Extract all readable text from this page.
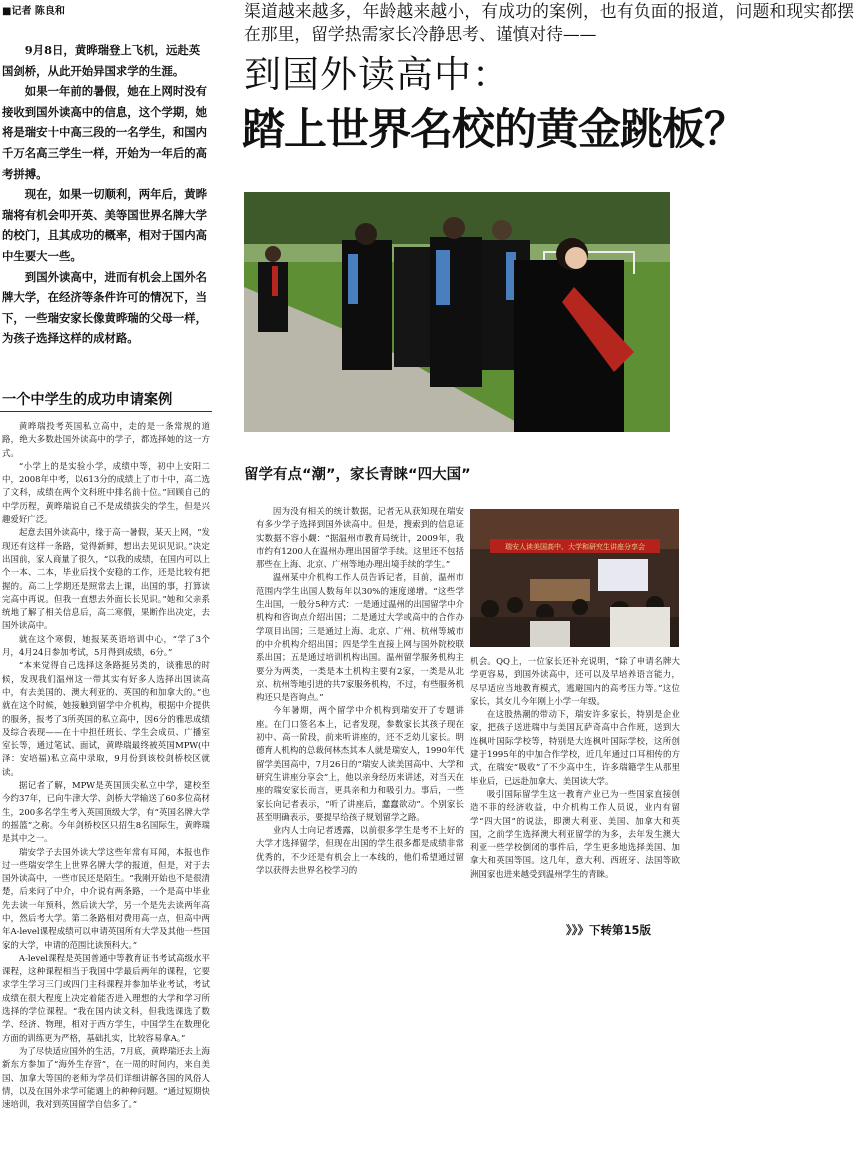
■记者 陈良和

9月8日，黄晔瑞登上飞机，远赴英国剑桥，从此开始异国求学的生涯。

如果一年前的暑假，她在上网时没有接收到国外读高中的信息，这个学期，她将是瑞安十中高三段的一名学生，和国内千万名高三学生一样，开始为一年后的高考拼搏。

现在，如果一切顺利，两年后，黄晔瑞将有机会叩开英、美等国世界名牌大学的校门，且其成功的概率，相对于国内高中生要大一些。

到国外读高中，进而有机会上国外名牌大学，在经济等条件许可的情况下，当下，一些瑞安家长像黄晔瑞的父母一样，为孩子选择这样的成材路。

渠道越来越多，年龄越来越小，有成功的案例，也有负面的报道，问题和现实都摆在那里，留学热需家长冷静思考、谨慎对待——
到国外读高中：
踏上世界名校的黄金跳板？
留学有点“潮”，家长青睐“四大国”
一个中学生的成功申请案例

黄晔瑞投考英国私立高中，走的是一条常规的道路，绝大多数赴国外读高中的学子，都选择她的这一方式。

“小学上的是实验小学，成绩中等，初中上安阳二中，2008年中考，以613分的成绩上了市十中，高二选了文科，成绩在两个文科班中排名前十位。”回顾自己的中学历程，黄晔瑞说自己不是成绩拔尖的学生，但是兴趣爱好广泛。

起意去国外读高中，缘于高一暑假，某天上网，“发现还有这样一条路，觉得新鲜，想出去见识见识。”决定出国前，家人商量了很久，“以我的成绩，在国内可以上个一本、二本，毕业后找个安稳的工作，还是比较有把握的。高二上学期还是照常去上课，出国的事，打算读完高中再说。但我一直想去外面长长见识。”她和父亲系统地了解了相关信息后，高二寒假，果断作出决定，去国外读高中。

就在这个寒假，她报某英语培训中心，“学了3个月，4月24日参加考试，5月得到成绩，6分。”

“本来觉得自己选择这条路挺另类的，谈雅思的时候，发现我们温州这一带其实有好多人选择出国读高中，有去美国的、澳大利亚的、英国的和加拿大的。”也就在这个时候，她接触到留学中介机构，根据中介提供的服务，报考了3所英国的私立高中，因6分的雅思成绩及综合表现——在十中担任班长、学生会成员、广播室室长等，通过笔试、面试，黄晔瑞最终被英国MPW(中泽：安培福)私立高中录取，9月份到该校剑桥校区就读。

据记者了解，MPW是英国顶尖私立中学，建校至今约37年，已向牛津大学、剑桥大学输送了60多位高材生，200多名学生考入英国顶级大学，有“英国名牌大学的摇篮”之称。今年剑桥校区只招生8名国际生，黄晔瑞是其中之一。

瑞安学子去国外读大学这些年常有耳闻，本报也作过一些瑞安学生上世界名牌大学的报道，但是，对于去国外读高中，一些市民还是陌生。“我刚开始也不是很清楚，后来问了中介，中介说有两条路，一个是高中毕业先去读一年预科，然后读大学，另一个是先去读两年高中，然后考大学。第二条路相对费用高一点，但高中两年A-level课程成绩可以申请英国所有大学及其他一些国家的大学，申请的范围比读预科大。”

A-level课程是英国普通中等教育证书考试高级水平课程，这种课程相当于我国中学最后两年的课程，它要求学生学习三门或四门主科课程并参加毕业考试，考试成绩在很大程度上决定着能否进入理想的大学和学习所选择的学位课程。“我在国内读文科，但我选课选了数学、经济、物理，相对于西方学生，中国学生在数理化方面的训练更为严格，基础扎实，比较容易拿A。”

为了尽快适应国外的生活，7月底，黄晔瑞还去上海新东方参加了“海外生存营”，在一周的时间内，来自美国、加拿大等国的老师为学员们详细讲解各国的风俗人情，以及在国外求学可能遇上的种种问题。“通过短期快速培训，我对到英国留学自信多了。”

因为没有相关的统计数据，记者无从获知现在瑞安有多少学子选择到国外读高中。但是，搜索到的信息证实数据不容小觑：“据温州市教育局统计，2009年，我市约有1200人在温州办理出国留学手续。这里还不包括那些在上海、北京、广州等地办理出境手续的学生。”

温州某中介机构工作人员告诉记者，目前，温州市范围内学生出国人数每年以30%的速度递增。“这些学生出国，一般分5种方式：一是通过温州的出国留学中介机构和咨询点介绍出国；二是通过大学或高中的合作办学项目出国；三是通过上海、北京、广州、杭州等城市的中介机构介绍出国；四是学生直接上网与国外院校联系出国；五是通过培训机构出国。温州留学服务机构主要分为两类，一类是本土机构主要有2家，一类是从北京、杭州等地引进的共7家服务机构，不过，有些服务机构还只是咨询点。”

今年暑期，两个留学中介机构到瑞安开了专题讲座。在门口签名本上，记者发现，参数家长其孩子现在初中、高一阶段，前来听讲座的，还不乏幼儿家长。明德育人机构的总裁何林杰其本人就是瑞安人，1990年代留学美国高中，7月26日的“瑞安人读美国高中、大学和研究生讲座分享会”上，他以亲身经历来讲述，对当天在座的瑞安家长而言，更具亲和力和吸引力。事后，一些家长向记者表示，“听了讲座后，蠢蠢欲动”。个别家长甚至明确表示，要提早给孩子规划留学之路。

业内人士向记者透露，以前很多学生是考不上好的大学才选择留学，但现在出国的学生很多都是成绩非常优秀的，不少还是有机会上一本线的，他们希望通过留学以获得去世界名校学习的

瑞安人读美国高中、大学和研究生讲座分享会

机会。QQ上，一位家长还补充说明，“除了申请名牌大学更容易，到国外读高中，还可以及早培养语言能力，尽早适应当地教育模式，逃避国内的高考压力等。”这位家长，其女儿今年刚上小学一年级。

在这股热潮的带动下，瑞安许多家长，特别是企业家，把孩子送进瑞中与美国瓦萨奇高中合作班，送到大连枫叶国际学校等，特别是大连枫叶国际学校，这所创建于1995年的中加合作学校，近几年通过口耳相传的方式，在瑞安“吸收”了不少高中生，许多瑞籍学生从那里毕业后，已远赴加拿大、美国读大学。

吸引国际留学生这一教育产业已为一些国家直接创造不菲的经济收益，中介机构工作人员说，业内有留学“四大国”的说法，即澳大利亚、美国、加拿大和英国，之前学生选择澳大利亚留学的为多，去年发生澳大利亚一些学校倒闭的事件后，学生更多地选择美国、加拿大和英国等国。这几年，意大利、西班牙、法国等欧洲国家也进来越受到温州学生的青睐。

》》》下转第15版
